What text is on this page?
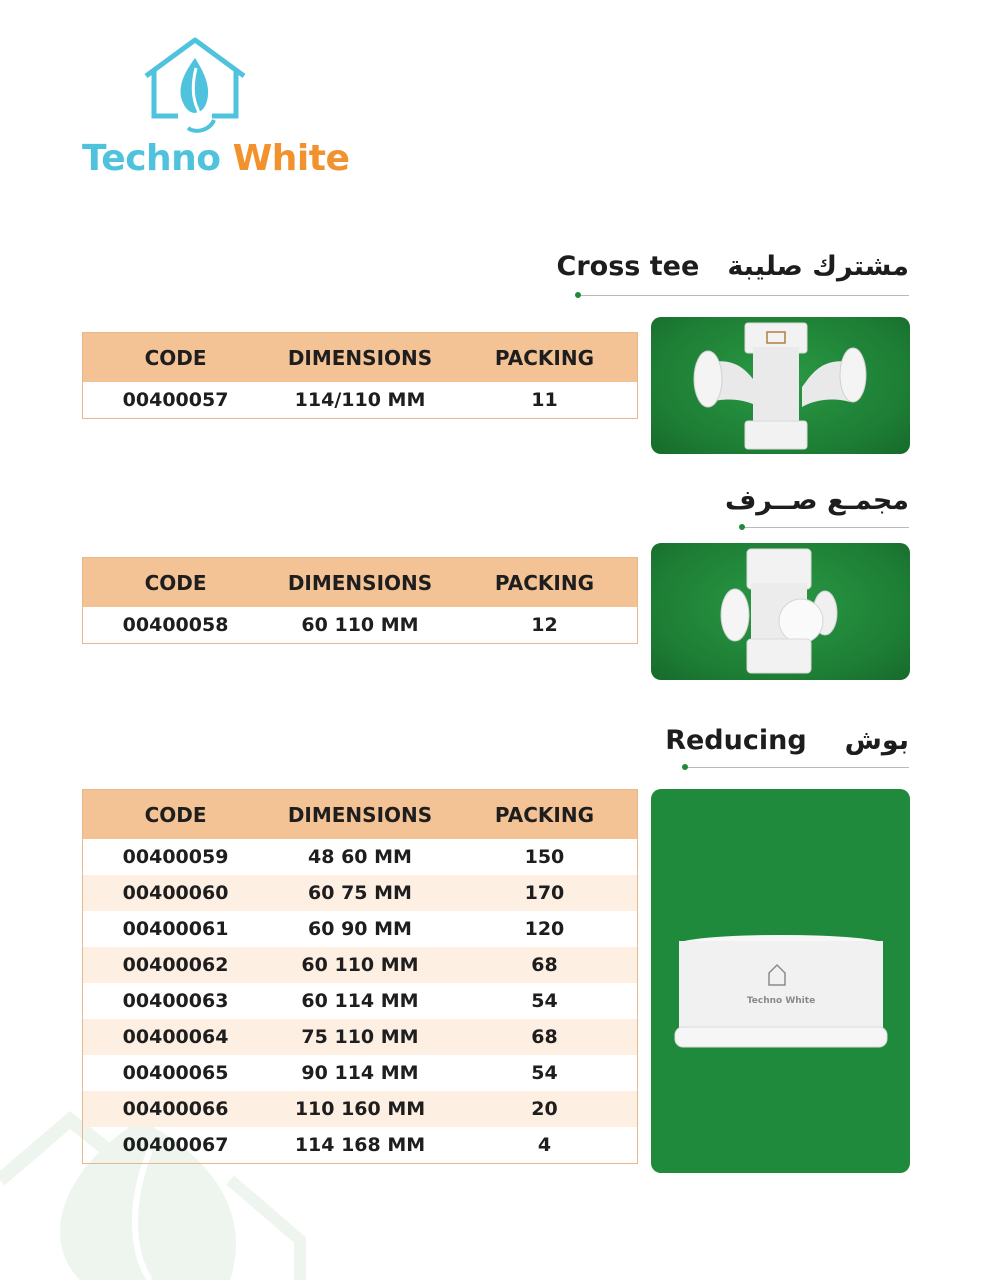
Techno White
Cross tee مشترك صليبة
CODE	DIMENSIONS	PACKING
00400057	114/110 MM	11
مجمـع صــرف
CODE	DIMENSIONS	PACKING
00400058	60 110 MM	12
Reducing بوش
CODE	DIMENSIONS	PACKING
00400059	48 60 MM	150
00400060	60 75 MM	170
00400061	60 90 MM	120
00400062	60 110 MM	68
00400063	60 114 MM	54
00400064	75 110 MM	68
00400065	90 114 MM	54
00400066	110 160 MM	20
00400067	114 168 MM	4
Techno White
